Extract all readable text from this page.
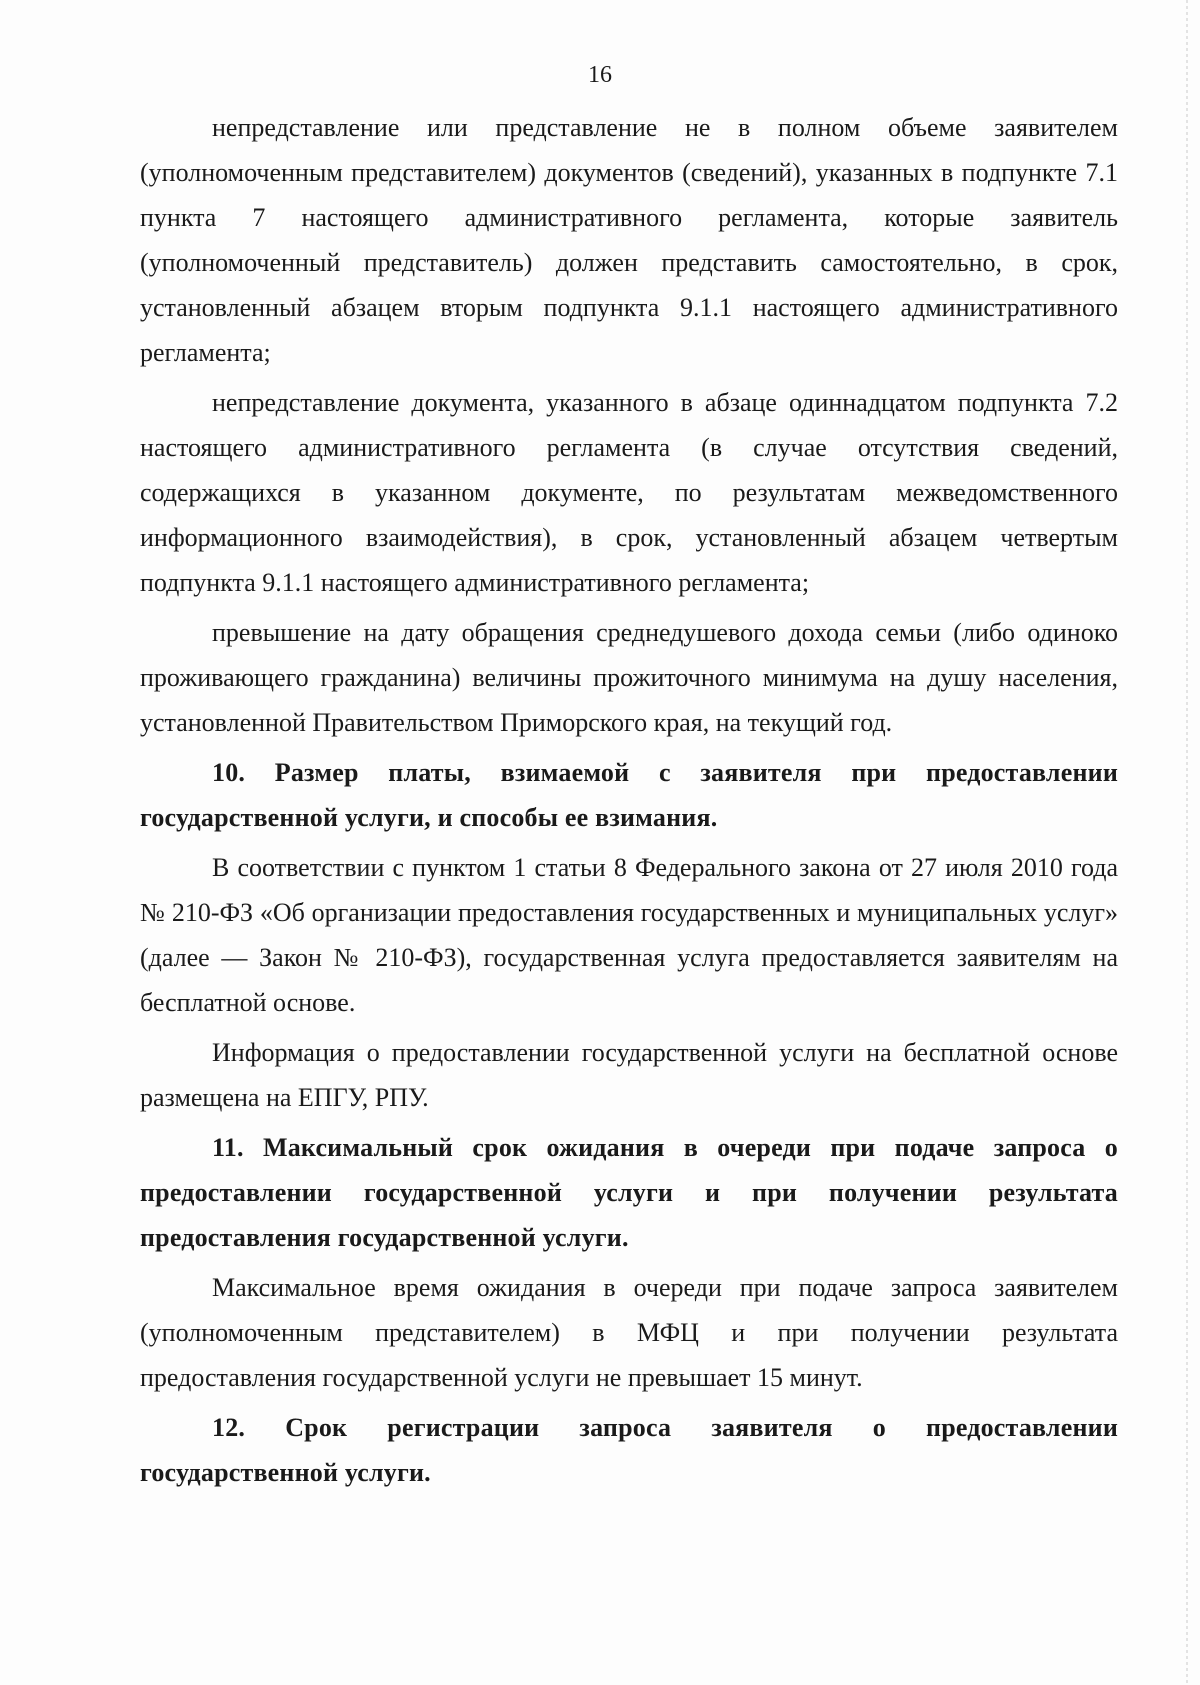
16

непредставление или представление не в полном объеме заявителем (уполномоченным представителем) документов (сведений), указанных в подпункте 7.1 пункта 7 настоящего административного регламента, которые заявитель (уполномоченный представитель) должен представить самостоятельно, в срок, установленный абзацем вторым подпункта 9.1.1 настоящего административного регламента;

непредставление документа, указанного в абзаце одиннадцатом подпункта 7.2 настоящего административного регламента (в случае отсутствия сведений, содержащихся в указанном документе, по результатам межведомственного информационного взаимодействия), в срок, установленный абзацем четвертым подпункта 9.1.1 настоящего административного регламента;

превышение на дату обращения среднедушевого дохода семьи (либо одиноко проживающего гражданина) величины прожиточного минимума на душу населения, установленной Правительством Приморского края, на текущий год.

10. Размер платы, взимаемой с заявителя при предоставлении государственной услуги, и способы ее взимания.

В соответствии с пунктом 1 статьи 8 Федерального закона от 27 июля 2010 года № 210-ФЗ «Об организации предоставления государственных и муниципальных услуг» (далее — Закон № 210-ФЗ), государственная услуга предоставляется заявителям на бесплатной основе.

Информация о предоставлении государственной услуги на бесплатной основе размещена на ЕПГУ, РПУ.

11. Максимальный срок ожидания в очереди при подаче запроса о предоставлении государственной услуги и при получении результата предоставления государственной услуги.

Максимальное время ожидания в очереди при подаче запроса заявителем (уполномоченным представителем) в МФЦ и при получении результата предоставления государственной услуги не превышает 15 минут.

12. Срок регистрации запроса заявителя о предоставлении государственной услуги.
